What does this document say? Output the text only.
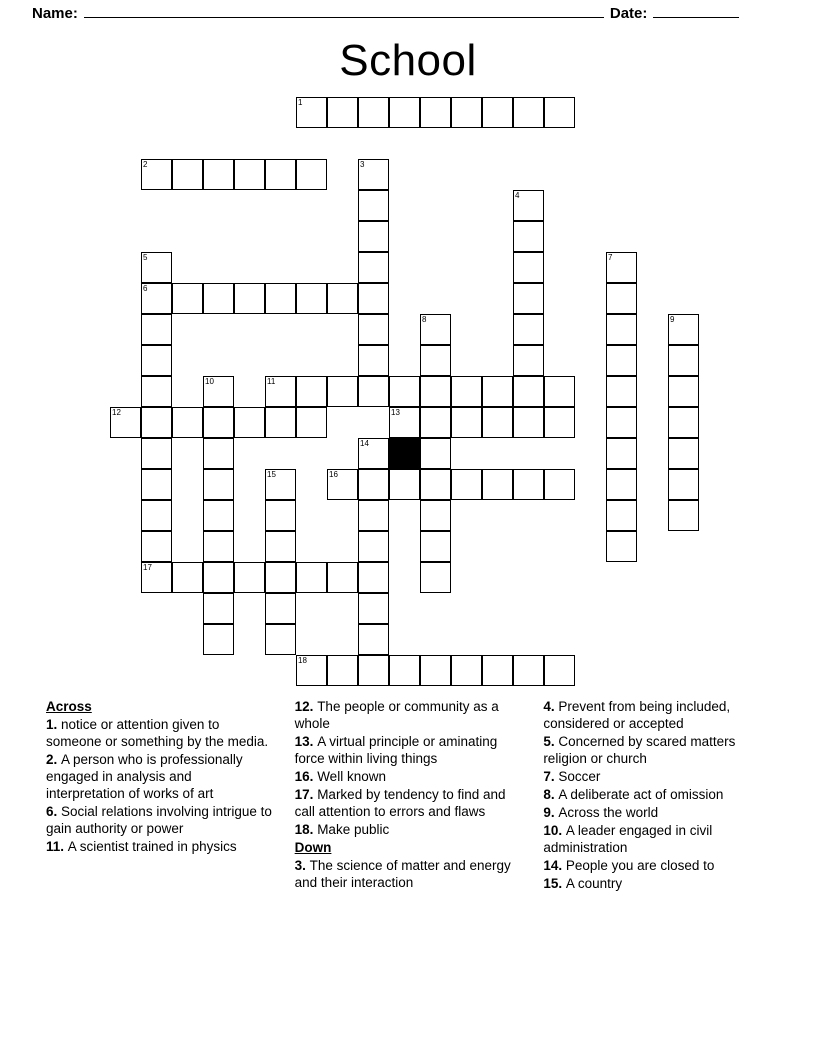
Name:	Date:
School
1
2	3
4
5	7
6
8	9
10	11
12	13
14
15	16
17
18
Across
1. notice or attention given to someone or something by the media.
2. A person who is professionally engaged in analysis and interpretation of works of art
6. Social relations involving intrigue to gain authority or power
11. A scientist trained in physics
12. The people or community as a whole
13. A virtual principle or aminating force within living things
16. Well known
17. Marked by tendency to find and call attention to errors and flaws
18. Make public
Down
3. The science of matter and energy and their interaction
4. Prevent from being included, considered or accepted
5. Concerned by scared matters religion or church
7. Soccer
8. A deliberate act of omission
9. Across the world
10. A leader engaged in civil administration
14. People you are closed to
15. A country
